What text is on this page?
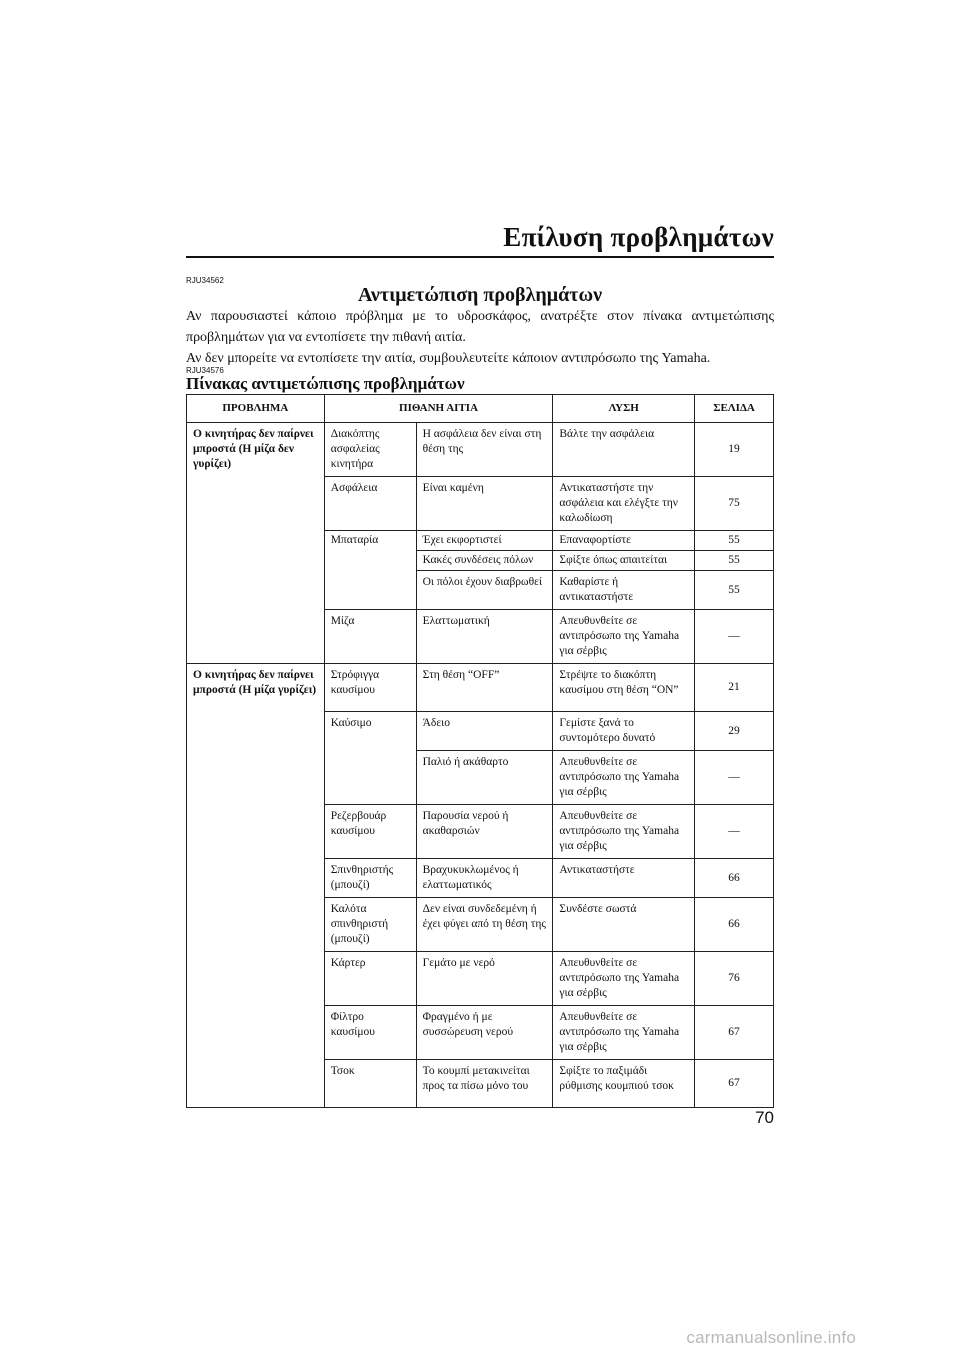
Επίλυση προβλημάτων
RJU34562
Αντιμετώπιση προβλημάτων

Αν παρουσιαστεί κάποιο πρόβλημα με το υδροσκάφος, ανατρέξτε στον πίνακα αντιμετώπισης προβλημάτων για να εντοπίσετε την πιθανή αιτία.

Αν δεν μπορείτε να εντοπίσετε την αιτία, συμβουλευτείτε κάποιον αντιπρόσωπο της Yamaha.

RJU34576
Πίνακας αντιμετώπισης προβλημάτων
ΠΡΟΒΛΗΜΑ	ΠΙΘΑΝΗ ΑΙΤΙΑ		ΛΥΣΗ	ΣΕΛΙΔΑ
Ο κινητήρας δεν παίρνει μπροστά (Η μίζα δεν γυρίζει)	Διακόπτης ασφαλείας κινητήρα	Η ασφάλεια δεν είναι στη θέση της	Βάλτε την ασφάλεια	19
	Ασφάλεια	Είναι καμένη	Αντικαταστήστε την ασφάλεια και ελέγξτε την καλωδίωση	75
	Μπαταρία	Έχει εκφορτιστεί	Επαναφορτίστε	55
		Κακές συνδέσεις πόλων	Σφίξτε όπως απαιτείται	55
		Οι πόλοι έχουν διαβρωθεί	Καθαρίστε ή αντικαταστήστε	55
	Μίζα	Ελαττωματική	Απευθυνθείτε σε αντιπρόσωπο της Yamaha για σέρβις	—
Ο κινητήρας δεν παίρνει μπροστά (Η μίζα γυρίζει)	Στρόφιγγα καυσίμου	Στη θέση “OFF”	Στρέψτε το διακόπτη καυσίμου στη θέση “ON”	21
	Καύσιμο	Άδειο	Γεμίστε ξανά το συντομότερο δυνατό	29
		Παλιό ή ακάθαρτο	Απευθυνθείτε σε αντιπρόσωπο της Yamaha για σέρβις	—
	Ρεζερβουάρ καυσίμου	Παρουσία νερού ή ακαθαρσιών	Απευθυνθείτε σε αντιπρόσωπο της Yamaha για σέρβις	—
	Σπινθηριστής (μπουζί)	Βραχυκυκλωμένος ή ελαττωματικός	Αντικαταστήστε	66
	Καλότα σπινθηριστή (μπουζί)	Δεν είναι συνδεδεμένη ή έχει φύγει από τη θέση της	Συνδέστε σωστά	66
	Κάρτερ	Γεμάτο με νερό	Απευθυνθείτε σε αντιπρόσωπο της Yamaha για σέρβις	76
	Φίλτρο καυσίμου	Φραγμένο ή με συσσώρευση νερού	Απευθυνθείτε σε αντιπρόσωπο της Yamaha για σέρβις	67
	Τσοκ	Το κουμπί μετακινείται προς τα πίσω μόνο του	Σφίξτε το παξιμάδι ρύθμισης κουμπιού τσοκ	67
70
carmanualsonline.info
